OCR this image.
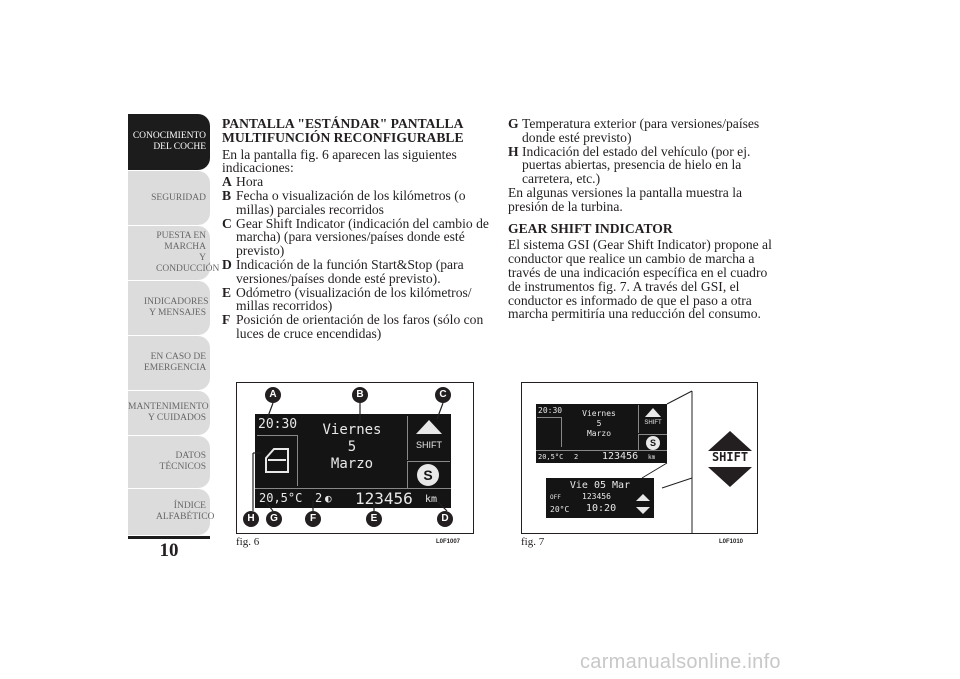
CONOCIMIENTO DEL COCHE
SEGURIDAD
PUESTA EN MARCHA Y CONDUCCIÓN
INDICADORES Y MENSAJES
EN CASO DE EMERGENCIA
MANTENIMIENTO Y CUIDADOS
DATOS TÉCNICOS
ÍNDICE ALFABÉTICO
10

PANTALLA "ESTÁNDAR" PANTALLA MULTIFUNCIÓN RECONFIGURABLE

En la pantalla fig. 6 aparecen las siguientes indicaciones:

A Hora
B Fecha o visualización de los kilómetros (o millas) parciales recorridos
C Gear Shift Indicator (indicación del cambio de marcha) (para versiones/países donde esté previsto)
D Indicación de la función Start&Stop (para versiones/países donde esté previsto).
E Odómetro (visualización de los kilómetros/ millas recorridos)
F Posición de orientación de los faros (sólo con luces de cruce encendidas)
G Temperatura exterior (para versiones/países donde esté previsto)
H Indicación del estado del vehículo (por ej. puertas abiertas, presencia de hielo en la carretera, etc.)

En algunas versiones la pantalla muestra la presión de la turbina.

GEAR SHIFT INDICATOR

El sistema GSI (Gear Shift Indicator) propone al conductor que realice un cambio de marcha a través de una indicación específica en el cuadro de instrumentos fig. 7. A través del GSI, el conductor es informado de que el paso a otra marcha permitiría una reducción del consumo.

20:30	Viernes
5
Marzo
SHIFT
S
20,5°C 2 ◐ 123456 km
A	B	C
D
E
F
G
H
fig. 6	L0F1007
20:30	Viernes
5
Marzo
SHIFT
S
20,5°C 2 123456 km
Vie 05 Mar
OFF	123456
20°C 10:20
SHIFT
fig. 7	L0F1010
carmanualsonline.info
